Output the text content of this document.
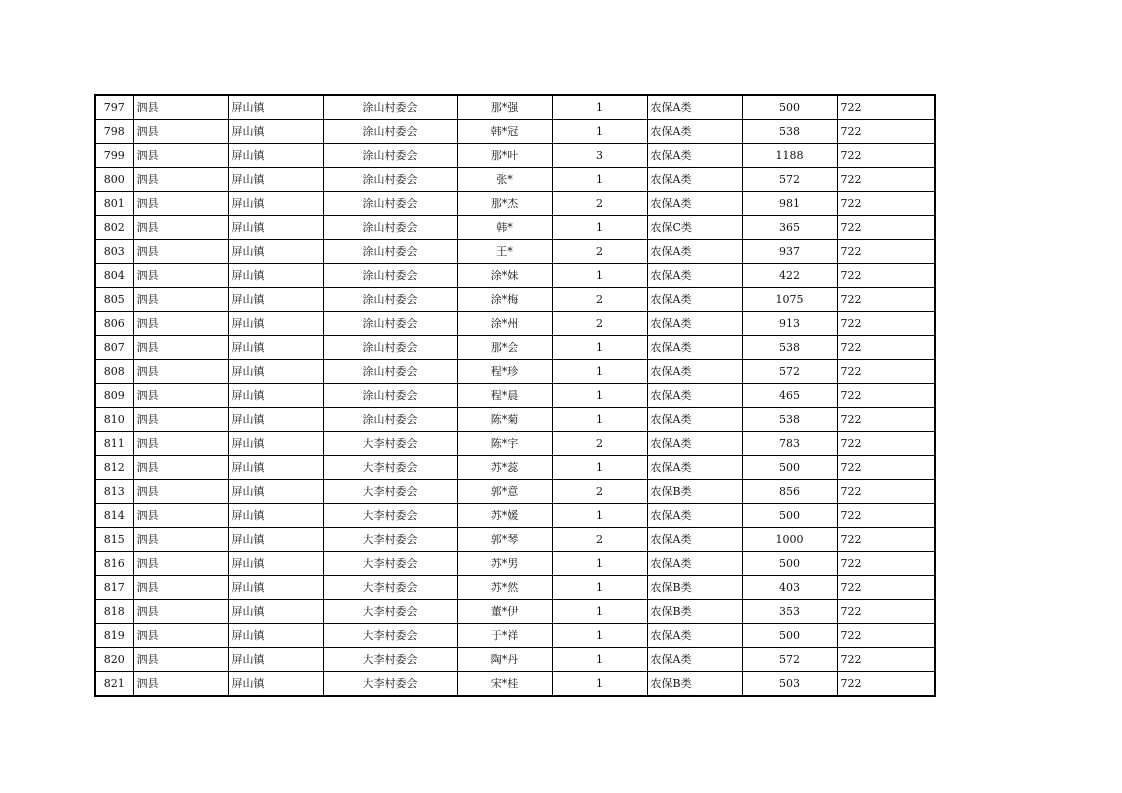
797	泗县	屏山镇	涂山村委会	那*强	1	农保A类	500	722
798	泗县	屏山镇	涂山村委会	韩*冠	1	农保A类	538	722
799	泗县	屏山镇	涂山村委会	那*叶	3	农保A类	1188	722
800	泗县	屏山镇	涂山村委会	张*	1	农保A类	572	722
801	泗县	屏山镇	涂山村委会	那*杰	2	农保A类	981	722
802	泗县	屏山镇	涂山村委会	韩*	1	农保C类	365	722
803	泗县	屏山镇	涂山村委会	王*	2	农保A类	937	722
804	泗县	屏山镇	涂山村委会	涂*妹	1	农保A类	422	722
805	泗县	屏山镇	涂山村委会	涂*梅	2	农保A类	1075	722
806	泗县	屏山镇	涂山村委会	涂*州	2	农保A类	913	722
807	泗县	屏山镇	涂山村委会	那*会	1	农保A类	538	722
808	泗县	屏山镇	涂山村委会	程*珍	1	农保A类	572	722
809	泗县	屏山镇	涂山村委会	程*晨	1	农保A类	465	722
810	泗县	屏山镇	涂山村委会	陈*菊	1	农保A类	538	722
811	泗县	屏山镇	大李村委会	陈*宇	2	农保A类	783	722
812	泗县	屏山镇	大李村委会	苏*蕊	1	农保A类	500	722
813	泗县	屏山镇	大李村委会	郭*意	2	农保B类	856	722
814	泗县	屏山镇	大李村委会	苏*媛	1	农保A类	500	722
815	泗县	屏山镇	大李村委会	郭*琴	2	农保A类	1000	722
816	泗县	屏山镇	大李村委会	苏*男	1	农保A类	500	722
817	泗县	屏山镇	大李村委会	苏*然	1	农保B类	403	722
818	泗县	屏山镇	大李村委会	董*伊	1	农保B类	353	722
819	泗县	屏山镇	大李村委会	于*祥	1	农保A类	500	722
820	泗县	屏山镇	大李村委会	陶*丹	1	农保A类	572	722
821	泗县	屏山镇	大李村委会	宋*桂	1	农保B类	503	722
